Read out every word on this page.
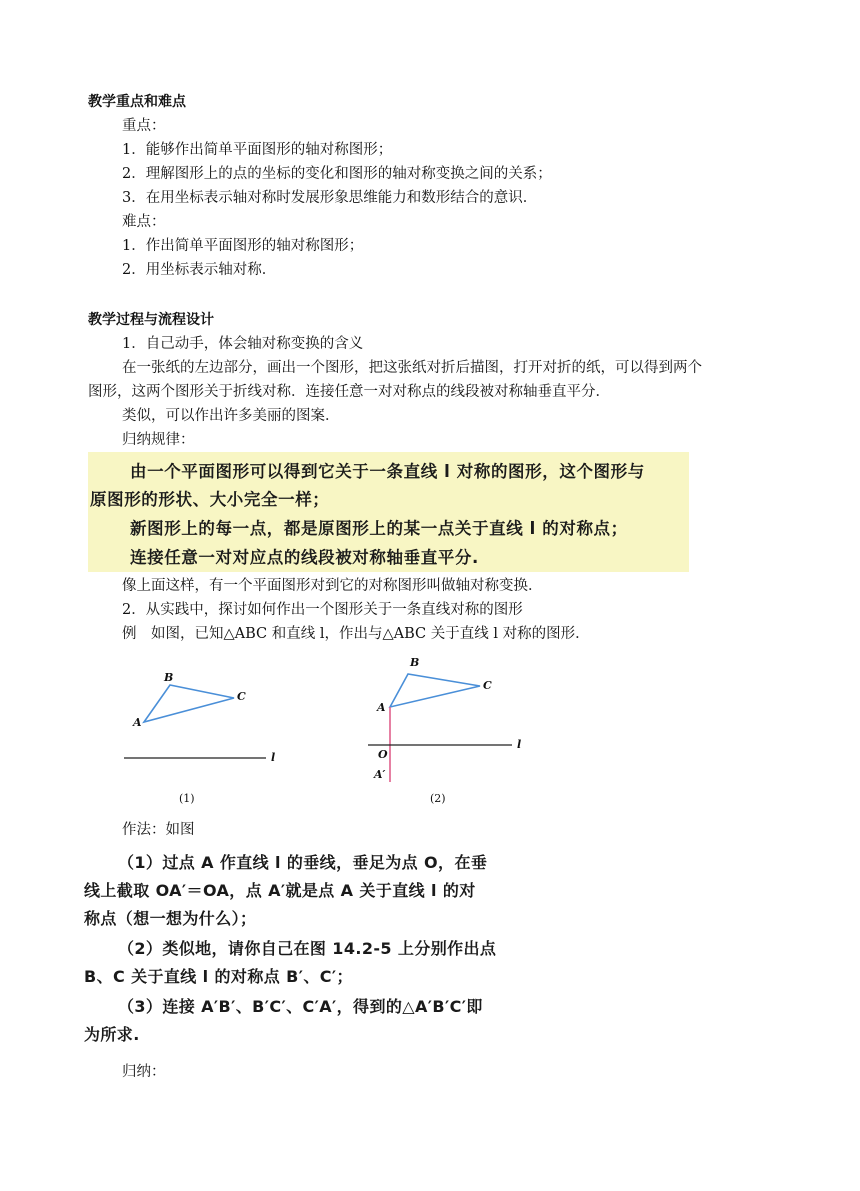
教学重点和难点
重点：
1．能够作出简单平面图形的轴对称图形；
2．理解图形上的点的坐标的变化和图形的轴对称变换之间的关系；
3．在用坐标表示轴对称时发展形象思维能力和数形结合的意识．
难点：
1．作出简单平面图形的轴对称图形；
2．用坐标表示轴对称．
教学过程与流程设计
1．自己动手，体会轴对称变换的含义
在一张纸的左边部分，画出一个图形，把这张纸对折后描图，打开对折的纸，可以得到两个
图形，这两个图形关于折线对称．连接任意一对对称点的线段被对称轴垂直平分．
类似，可以作出许多美丽的图案．
归纳规律：
由一个平面图形可以得到它关于一条直线 l 对称的图形，这个图形与
原图形的形状、大小完全一样；
新图形上的每一点，都是原图形上的某一点关于直线 l 的对称点；
连接任意一对对应点的线段被对称轴垂直平分.
像上面这样，有一个平面图形对到它的对称图形叫做轴对称变换．
2．从实践中，探讨如何作出一个图形关于一条直线对称的图形
例　如图，已知△ABC 和直线 l，作出与△ABC 关于直线 l 对称的图形．
A
B
C
l
(1)
A
B
C
l
O
A′
(2)
作法：如图
（1）过点 A 作直线 l 的垂线，垂足为点 O，在垂
线上截取 OA′＝OA，点 A′就是点 A 关于直线 l 的对
称点（想一想为什么）；
（2）类似地，请你自己在图 14.2-5 上分别作出点
B、C 关于直线 l 的对称点 B′、C′；
（3）连接 A′B′、B′C′、C′A′，得到的△A′B′C′即
为所求.
归纳：
